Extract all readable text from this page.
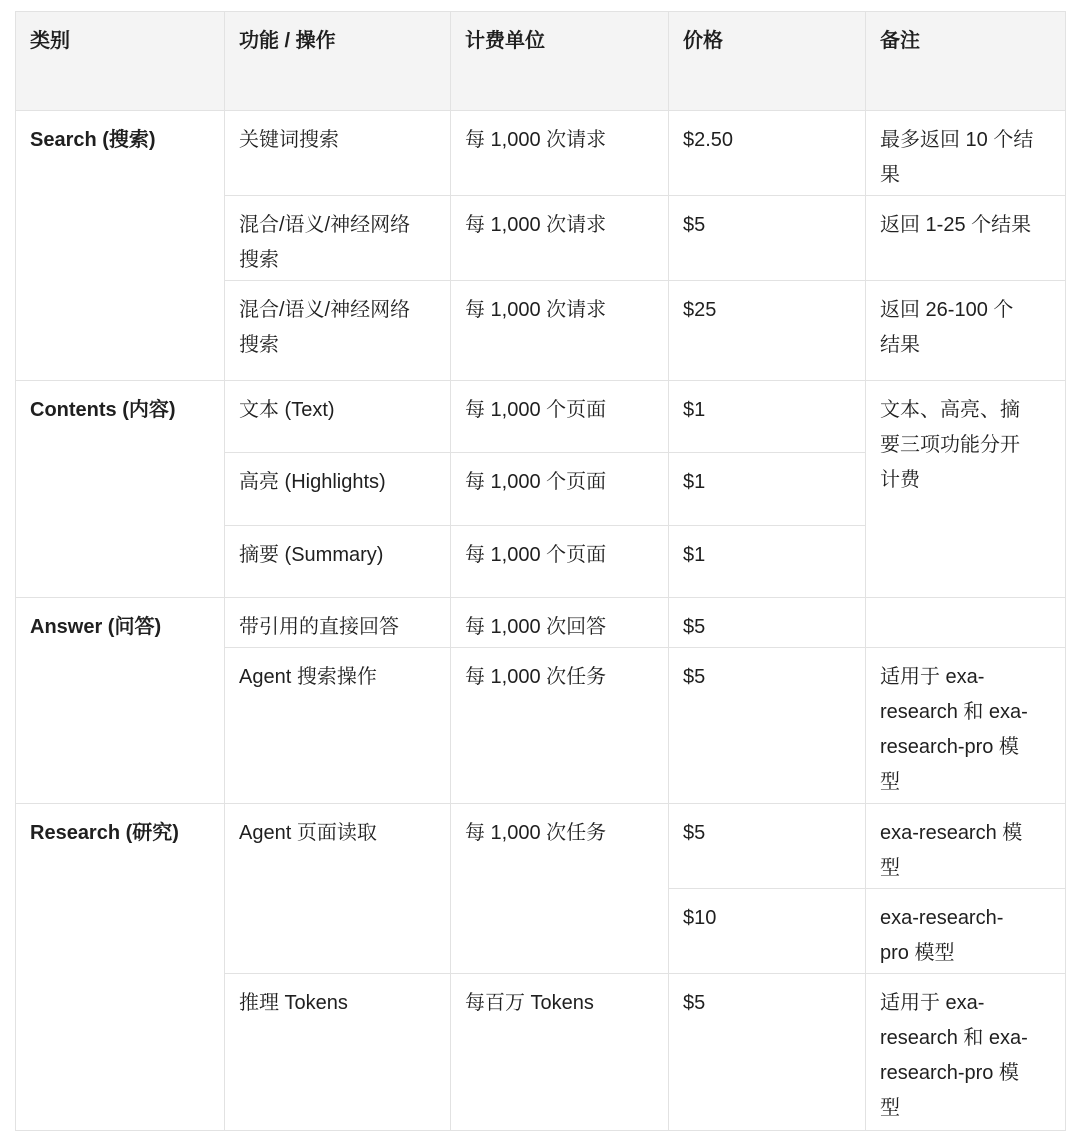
类别	功能 / 操作	计费单位	价格	备注
Search (搜索)	关键词搜索	每 1,000 次请求	$2.50	最多返回 10 个结
果
	混合/语义/神经网络
搜索	每 1,000 次请求	$5	返回 1-25 个结果
	混合/语义/神经网络
搜索	每 1,000 次请求	$25	返回 26-100 个
结果
Contents (内容)	文本 (Text)	每 1,000 个页面	$1	文本、高亮、摘
要三项功能分开
计费
	高亮 (Highlights)	每 1,000 个页面	$1	
	摘要 (Summary)	每 1,000 个页面	$1	
Answer (问答)	带引用的直接回答	每 1,000 次回答	$5	
	Agent 搜索操作	每 1,000 次任务	$5	适用于 exa-
research 和 exa-
research-pro 模
型
Research (研究)	Agent 页面读取	每 1,000 次任务	$5	exa-research 模
型
			$10	exa-research-
pro 模型
	推理 Tokens	每百万 Tokens	$5	适用于 exa-
research 和 exa-
research-pro 模
型
